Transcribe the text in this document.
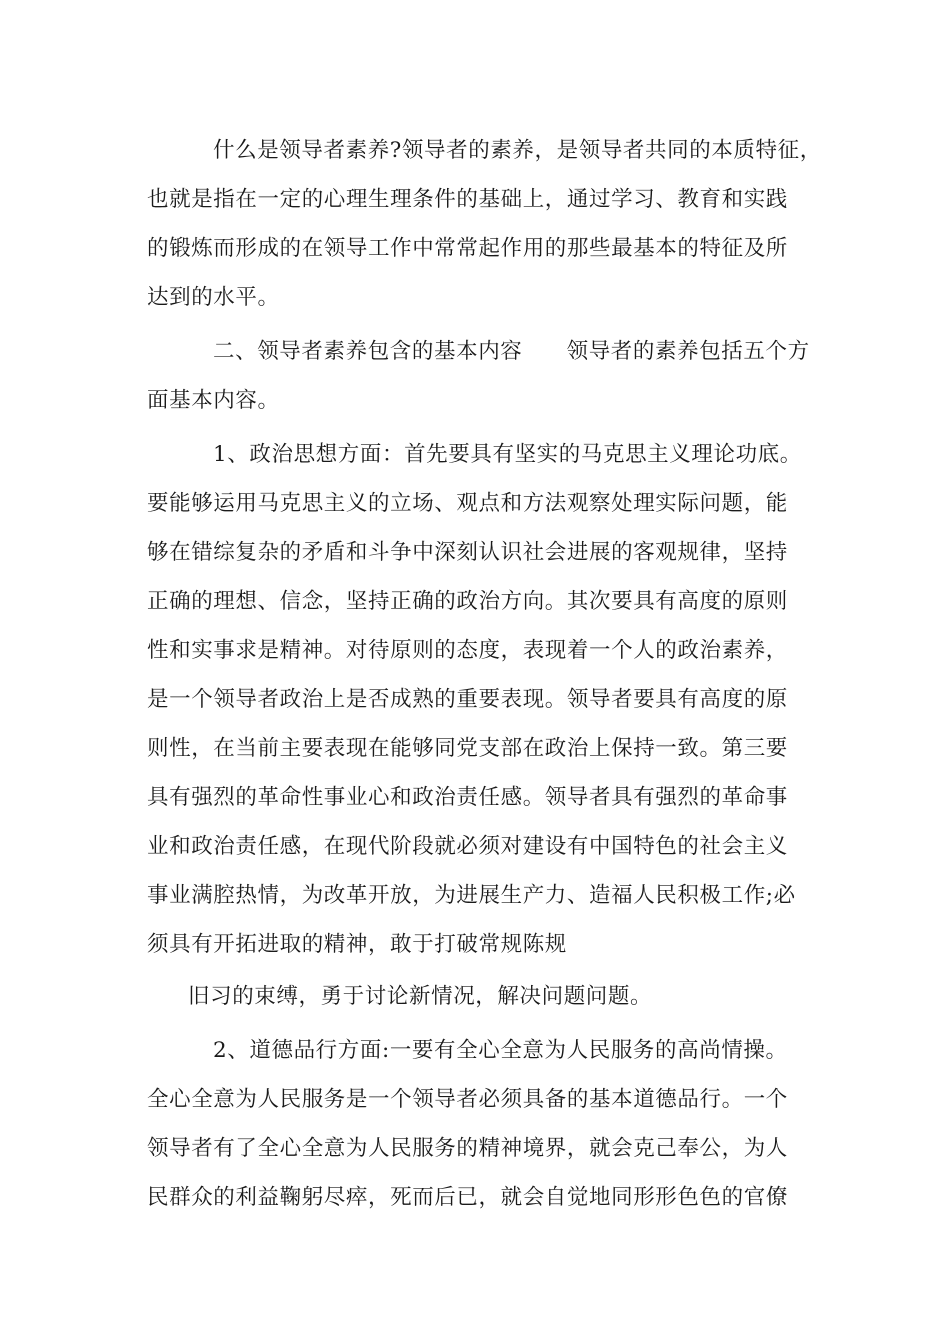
什么是领导者素养?领导者的素养，是领导者共同的本质特征，
也就是指在一定的心理生理条件的基础上，通过学习、教育和实践
的锻炼而形成的在领导工作中常常起作用的那些最基本的特征及所
达到的水平。
二、领导者素养包含的基本内容　　领导者的素养包括五个方
面基本内容。
1、政治思想方面：首先要具有坚实的马克思主义理论功底。
要能够运用马克思主义的立场、观点和方法观察处理实际问题，能
够在错综复杂的矛盾和斗争中深刻认识社会进展的客观规律，坚持
正确的理想、信念，坚持正确的政治方向。其次要具有高度的原则
性和实事求是精神。对待原则的态度，表现着一个人的政治素养，
是一个领导者政治上是否成熟的重要表现。领导者要具有高度的原
则性，在当前主要表现在能够同党支部在政治上保持一致。第三要
具有强烈的革命性事业心和政治责任感。领导者具有强烈的革命事
业和政治责任感，在现代阶段就必须对建设有中国特色的社会主义
事业满腔热情，为改革开放，为进展生产力、造福人民积极工作;必
须具有开拓进取的精神，敢于打破常规陈规
旧习的束缚，勇于讨论新情况，解决问题问题。
2、道德品行方面:一要有全心全意为人民服务的高尚情操。
全心全意为人民服务是一个领导者必须具备的基本道德品行。一个
领导者有了全心全意为人民服务的精神境界，就会克己奉公，为人
民群众的利益鞠躬尽瘁，死而后已，就会自觉地同形形色色的官僚
